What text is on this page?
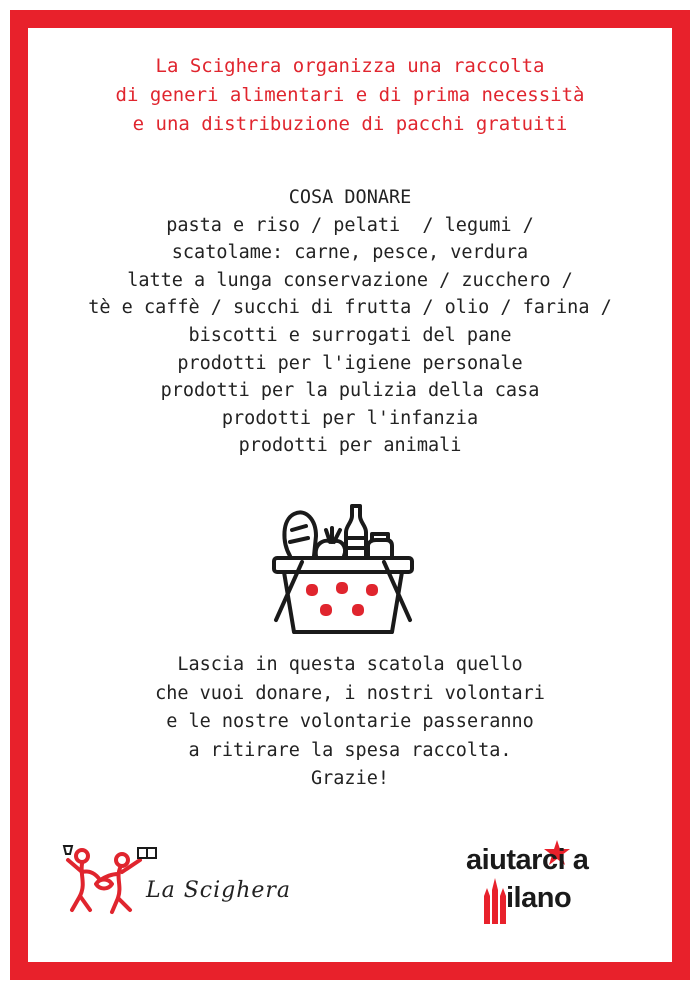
La Scighera organizza una raccolta
di generi alimentari e di prima necessità
e una distribuzione di pacchi gratuiti

COSA DONARE
pasta e riso / pelati  / legumi /
scatolame: carne, pesce, verdura
latte a lunga conservazione / zucchero /
tè e caffè / succhi di frutta / olio / farina /
biscotti e surrogati del pane
prodotti per l'igiene personale
prodotti per la pulizia della casa
prodotti per l'infanzia
prodotti per animali

Lascia in questa scatola quello
che vuoi donare, i nostri volontari
e le nostre volontarie passeranno
a ritirare la spesa raccolta.
Grazie!

La Scighera
aiutarci a
ilano
